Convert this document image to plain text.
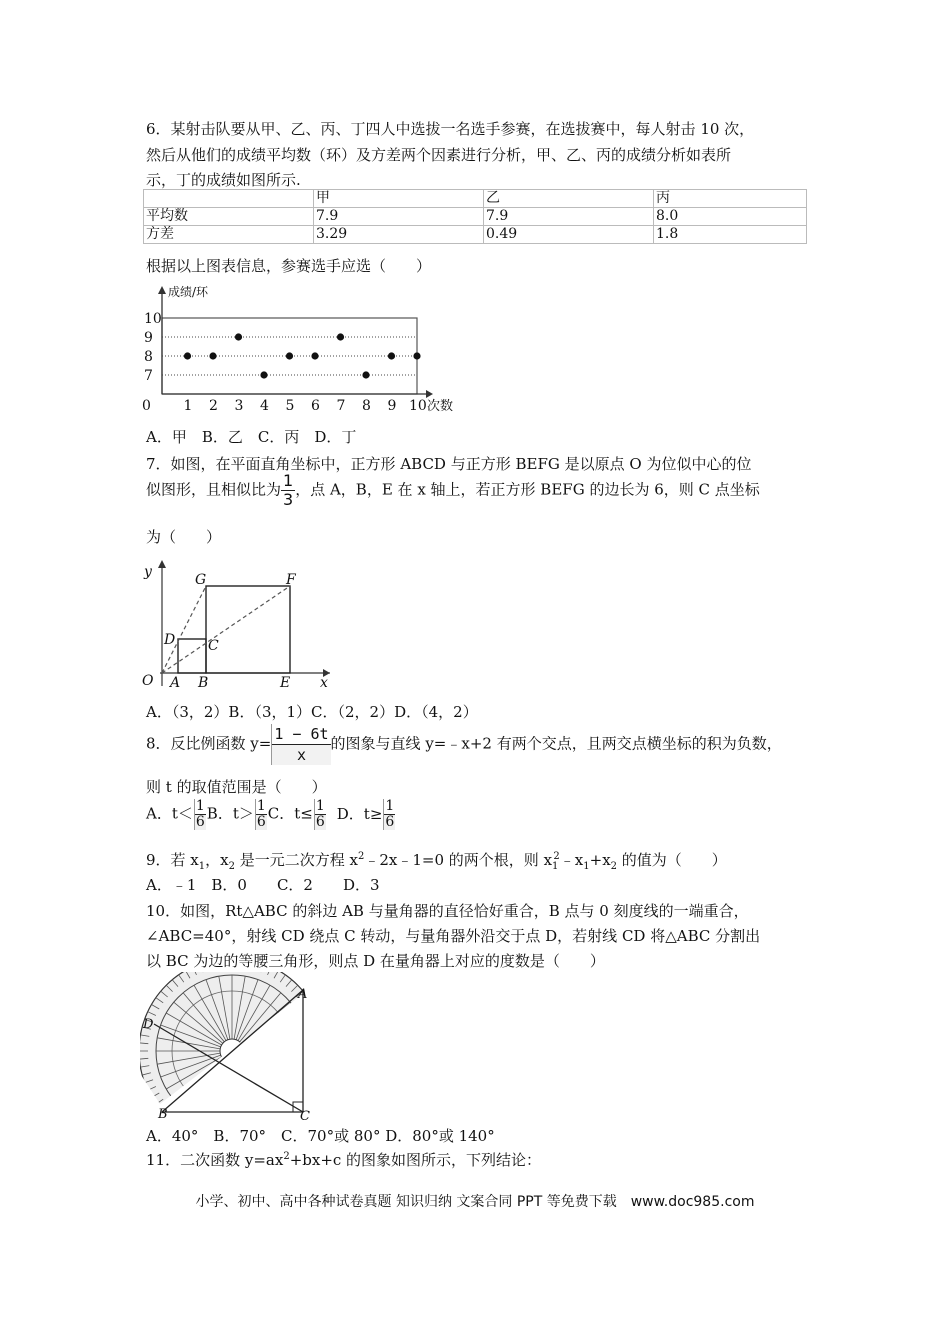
6．某射击队要从甲、乙、丙、丁四人中选拔一名选手参赛，在选拔赛中，每人射击 10 次，
然后从他们的成绩平均数（环）及方差两个因素进行分析，甲、乙、丙的成绩分析如表所
示，丁的成绩如图所示.
	甲	乙	丙
平均数	7.9	7.9	8.0
方差	3.29	0.49	1.8
根据以上图表信息，参赛选手应选（　　）
7
8
9
10
0 1 2 3 4 5 6 7 8 9 10
成绩/环
次数
A．甲　B．乙　C．丙　D．丁
7．如图，在平面直角坐标中，正方形 ABCD 与正方形 BEFG 是以原点 O 为位似中心的位
似图形，且相似比为 $\frac{1}{3}$ ，点 A，B，E 在 x 轴上，若正方形 BEFG 的边长为 6，则 C 点坐标
为（　　）
y
x
O A B	E
C
D
G	F
A．（3，2）B．（3，1）C．（2，2）D．（4，2）
8．反比例函数 $y= \frac{1 - 6t}{x}$ 的图象与直线 y=﹣x+2 有两个交点，且两交点横坐标的积为负数，
则 t 的取值范围是（　　）
A．$t< \frac{1}{6}$ B．$t> \frac{1}{6}$ C．$t\le \frac{1}{6}$ D．$t\ge \frac{1}{6}$
9．若 $x_1$，$x_2$ 是一元二次方程 $x^2﹣2x﹣1=0$ 的两个根，则 $x_1^2﹣x_1+x_2$ 的值为（　　）
A．﹣1　B．0　　C．2　　D．3
10．如图，Rt△ABC 的斜边 AB 与量角器的直径恰好重合，B 点与 0 刻度线的一端重合，
∠ABC=40°，射线 CD 绕点 C 转动，与量角器外沿交于点 D，若射线 CD 将△ABC 分割出
以 BC 为边的等腰三角形，则点 D 在量角器上对应的度数是（　　）
A
B	C
D
A．40°　B．70°　C．70°或 80° D．80°或 140°
11．二次函数 $y=ax^2+bx+c$ 的图象如图所示，下列结论：
小学、初中、高中各种试卷真题 知识归纳 文案合同 PPT 等免费下载　www.doc985.com
